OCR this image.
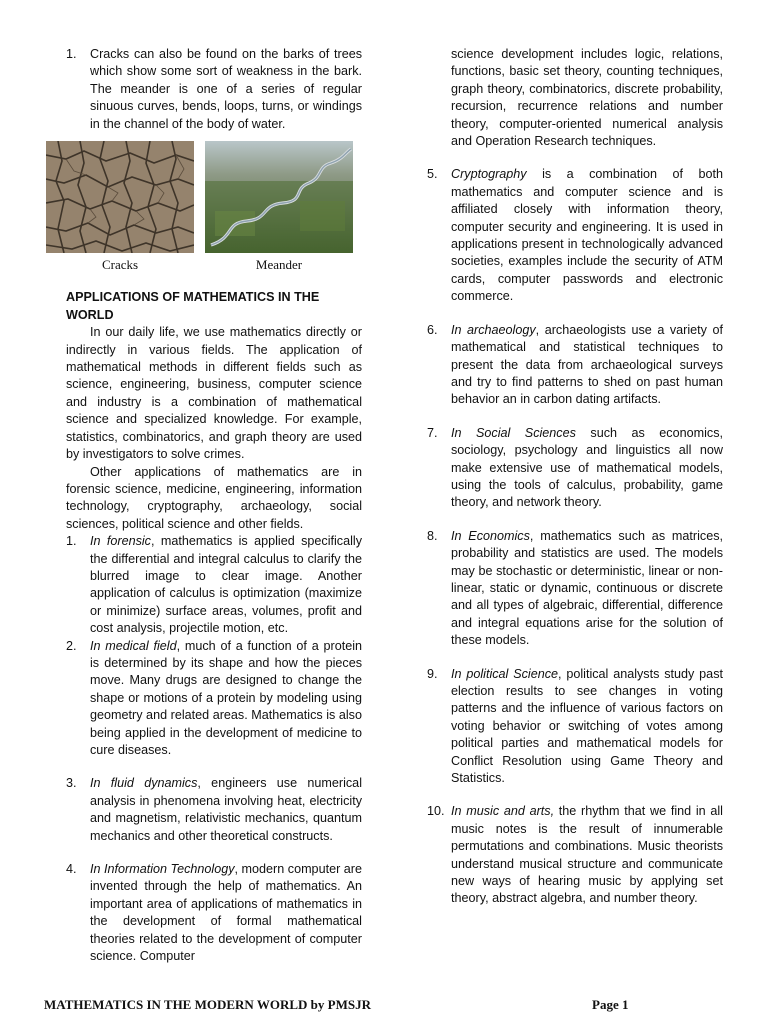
1.	Cracks can also be found on the barks of trees which show some sort of weakness in the bark. The meander is one of a series of regular sinuous curves, bends, loops, turns, or windings in the channel of the body of water.
Cracks	Meander
APPLICATIONS OF MATHEMATICS IN THE WORLD

In our daily life, we use mathematics directly or indirectly in various fields. The application of mathematical methods in different fields such as science, engineering, business, computer science and industry is a combination of mathematical science and specialized knowledge. For example, statistics, combinatorics, and graph theory are used by investigators to solve crimes.

Other applications of mathematics are in forensic science, medicine, engineering, information technology, cryptography, archaeology, social sciences, political science and other fields.

1.	In forensic, mathematics is applied specifically the differential and integral calculus to clarify the blurred image to clear image. Another application of calculus is optimization (maximize or minimize) surface areas, volumes, profit and cost analysis, projectile motion, etc.
2.	In medical field, much of a function of a protein is determined by its shape and how the pieces move. Many drugs are designed to change the shape or motions of a protein by modeling using geometry and related areas. Mathematics is also being applied in the development of medicine to cure diseases.
3.	In fluid dynamics, engineers use numerical analysis in phenomena involving heat, electricity and magnetism, relativistic mechanics, quantum mechanics and other theoretical constructs.
4.	In Information Technology, modern computer are invented through the help of mathematics. An important area of applications of mathematics in the development of formal mathematical theories related to the development of computer science. Computer
science development includes logic, relations, functions, basic set theory, counting techniques, graph theory, combinatorics, discrete probability, recursion, recurrence relations and number theory, computer-oriented numerical analysis and Operation Research techniques.
5.	Cryptography is a combination of both mathematics and computer science and is affiliated closely with information theory, computer security and engineering. It is used in applications present in technologically advanced societies, examples include the security of ATM cards, computer passwords and electronic commerce.
6.	In archaeology, archaeologists use a variety of mathematical and statistical techniques to present the data from archaeological surveys and try to find patterns to shed on past human behavior an in carbon dating artifacts.
7.	In Social Sciences such as economics, sociology, psychology and linguistics all now make extensive use of mathematical models, using the tools of calculus, probability, game theory, and network theory.
8.	In Economics, mathematics such as matrices, probability and statistics are used. The models may be stochastic or deterministic, linear or non-linear, static or dynamic, continuous or discrete and all types of algebraic, differential, difference and integral equations arise for the solution of these models.
9.	In political Science, political analysts study past election results to see changes in voting patterns and the influence of various factors on voting behavior or switching of votes among political parties and mathematical models for Conflict Resolution using Game Theory and Statistics.
10. In music and arts, the rhythm that we find in all music notes is the result of innumerable permutations and combinations. Music theorists understand musical structure and communicate new ways of hearing music by applying set theory, abstract algebra, and number theory.
MATHEMATICS IN THE MODERN WORLD by PMSJR	Page 1
